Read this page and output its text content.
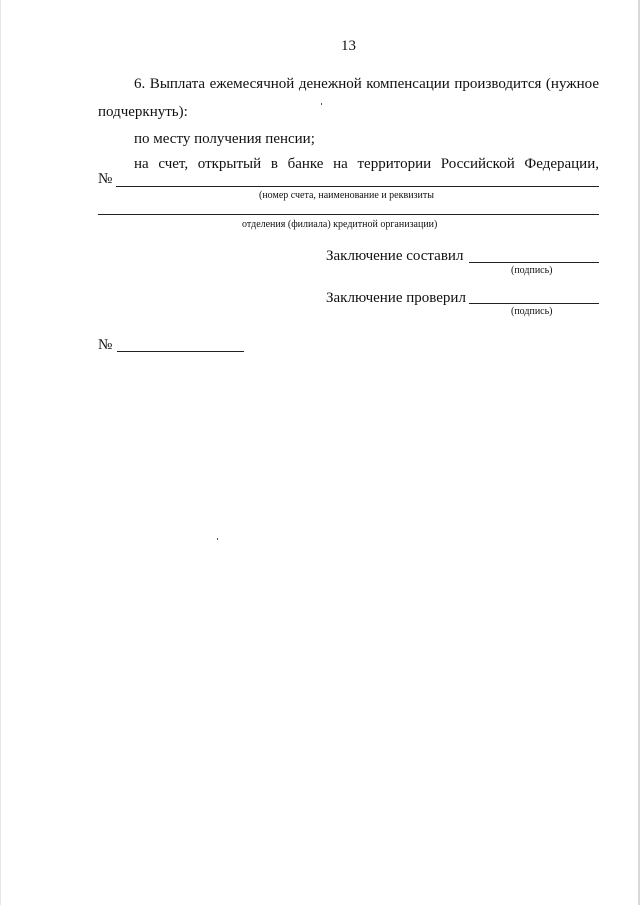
13
6. Выплата ежемесячной денежной компенсации производится (нужное
подчеркнуть):
по месту получения пенсии;
на счет, открытый в банке на территории Российской Федерации,
№
(номер счета, наименование и реквизиты
отделения (филиала) кредитной организации)
Заключение составил
(подпись)
Заключение проверил
(подпись)
№
